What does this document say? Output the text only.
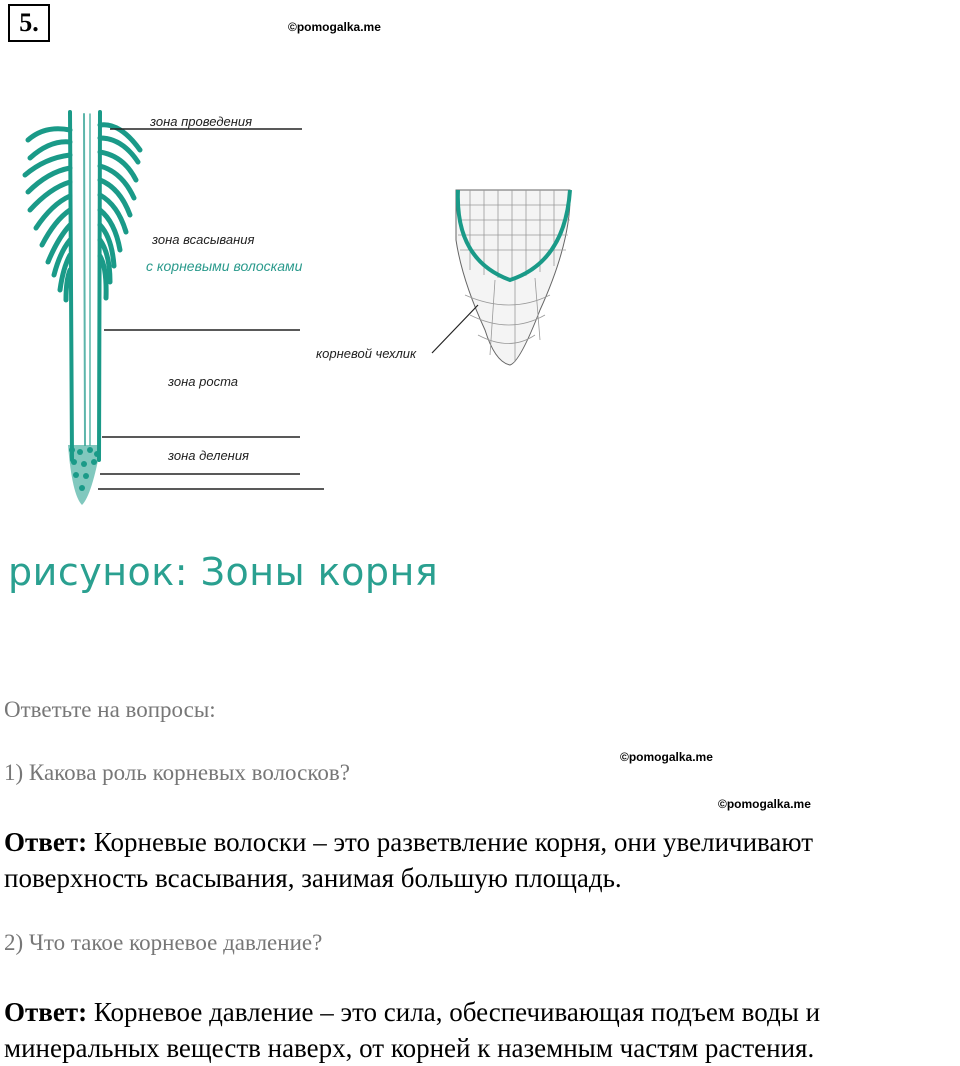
5.	©pomogalka.me
зона проведения
зона всасывания
с корневыми волосками
зона роста
зона деления
корневой чехлик
рисунок: Зоны корня
Ответьте на вопросы:
1) Какова роль корневых волосков?
©pomogalka.me
©pomogalka.me
Ответ: Корневые волоски – это разветвление корня, они увеличивают поверхность всасывания, занимая большую площадь.
2) Что такое корневое давление?
Ответ: Корневое давление – это сила, обеспечивающая подъем воды и минеральных веществ наверх, от корней к наземным частям растения.
